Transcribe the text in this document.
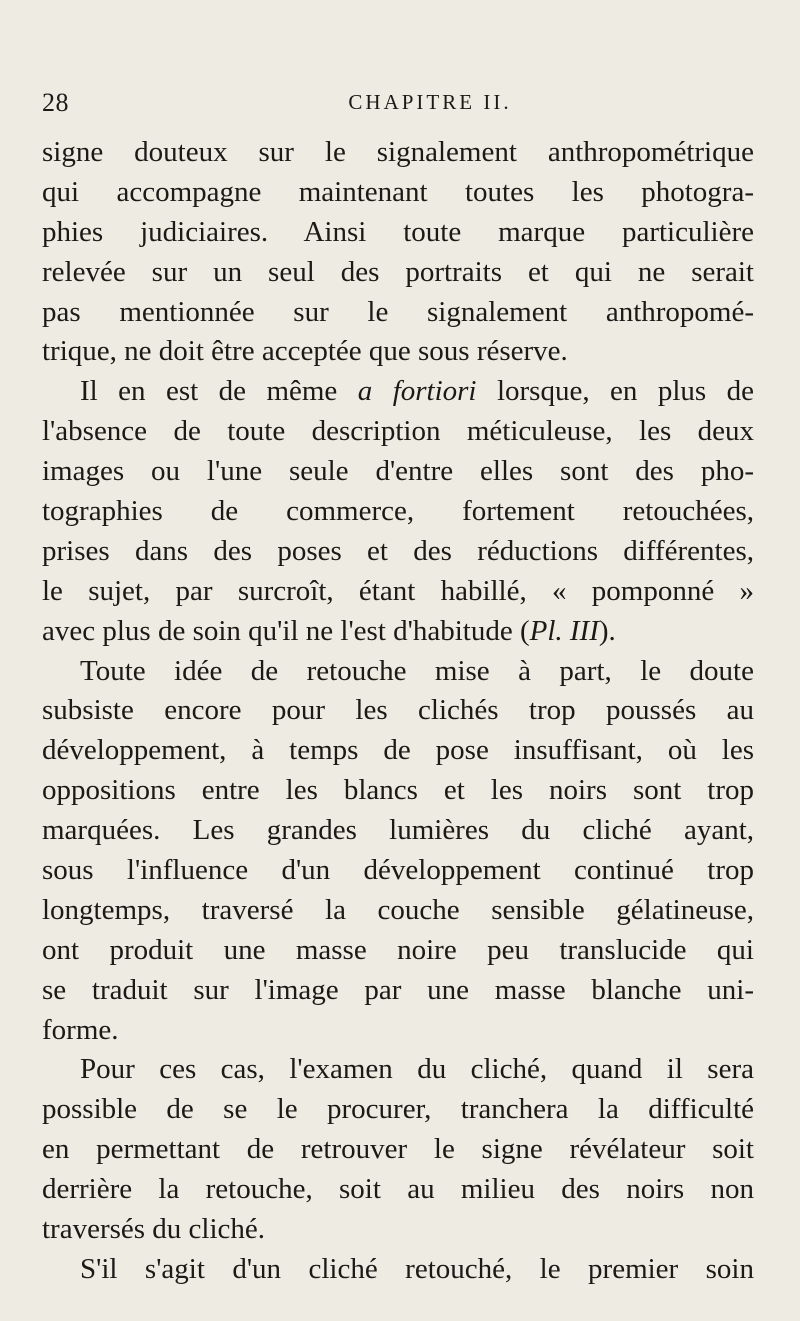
28	CHAPITRE II.
signe douteux sur le signalement anthropométrique
qui accompagne maintenant toutes les photogra-
phies judiciaires. Ainsi toute marque particulière
relevée sur un seul des portraits et qui ne serait
pas mentionnée sur le signalement anthropomé-
trique, ne doit être acceptée que sous réserve.
Il en est de même a fortiori lorsque, en plus de
l'absence de toute description méticuleuse, les deux
images ou l'une seule d'entre elles sont des pho-
tographies de commerce, fortement retouchées,
prises dans des poses et des réductions différentes,
le sujet, par surcroît, étant habillé, « pomponné »
avec plus de soin qu'il ne l'est d'habitude (Pl. III).
Toute idée de retouche mise à part, le doute
subsiste encore pour les clichés trop poussés au
développement, à temps de pose insuffisant, où les
oppositions entre les blancs et les noirs sont trop
marquées. Les grandes lumières du cliché ayant,
sous l'influence d'un développement continué trop
longtemps, traversé la couche sensible gélatineuse,
ont produit une masse noire peu translucide qui
se traduit sur l'image par une masse blanche uni-
forme.
Pour ces cas, l'examen du cliché, quand il sera
possible de se le procurer, tranchera la difficulté
en permettant de retrouver le signe révélateur soit
derrière la retouche, soit au milieu des noirs non
traversés du cliché.
S'il s'agit d'un cliché retouché, le premier soin
